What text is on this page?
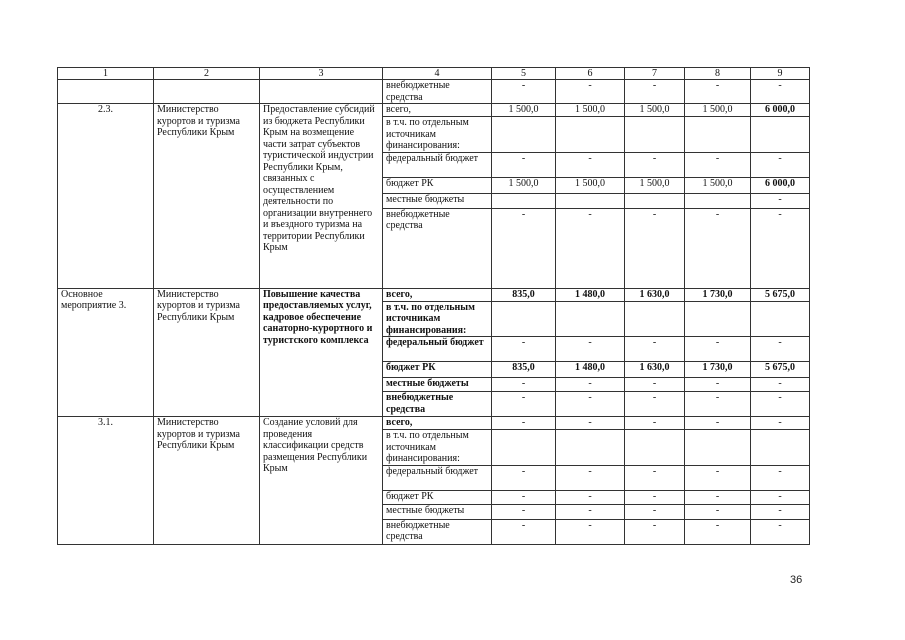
1	2	3	4	5	6	7	8	9
			внебюджетные средства	-	-	-	-	-
2.3.	Министерство курортов и туризма Республики Крым	Предоставление субсидий из бюджета Республики Крым на возмещение части затрат субъектов туристической индустрии Республики Крым, связанных с осуществлением деятельности по организации внутреннего и въездного туризма на территории Республики Крым	всего,	1 500,0	1 500,0	1 500,0	1 500,0	6 000,0
			в т.ч. по отдельным источникам финансирования:					
			федеральный бюджет	-	-	-	-	-
			бюджет РК	1 500,0	1 500,0	1 500,0	1 500,0	6 000,0
			местные бюджеты					-
			внебюджетные средства	-	-	-	-	-
Основное мероприятие 3.	Министерство курортов и туризма Республики Крым	Повышение качества предоставляемых услуг, кадровое обеспечение санаторно-курортного и туристского комплекса	всего,	835,0	1 480,0	1 630,0	1 730,0	5 675,0
			в т.ч. по отдельным источникам финансирования:					
			федеральный бюджет	-	-	-	-	-
			бюджет РК	835,0	1 480,0	1 630,0	1 730,0	5 675,0
			местные бюджеты	-	-	-	-	-
			внебюджетные средства	-	-	-	-	-
3.1.	Министерство курортов и туризма Республики Крым	Создание условий для проведения классификации средств размещения Республики Крым	всего,	-	-	-	-	-
			в т.ч. по отдельным источникам финансирования:					
			федеральный бюджет	-	-	-	-	-
			бюджет РК	-	-	-	-	-
			местные бюджеты	-	-	-	-	-
			внебюджетные средства	-	-	-	-	-
36
